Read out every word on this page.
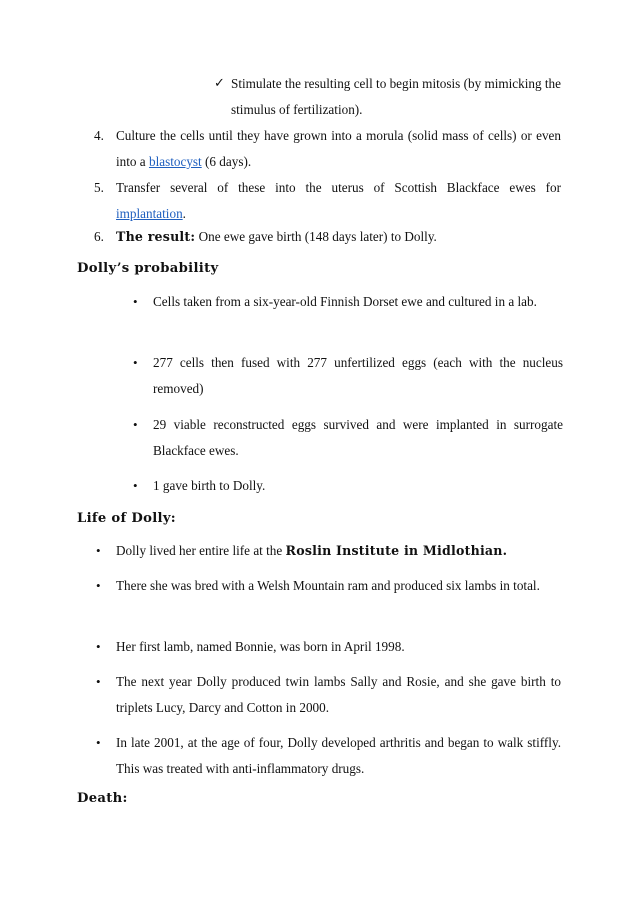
✓ Stimulate the resulting cell to begin mitosis (by mimicking the stimulus of fertilization).
4. Culture the cells until they have grown into a morula (solid mass of cells) or even into a blastocyst (6 days).
5. Transfer several of these into the uterus of Scottish Blackface ewes for implantation.
6. The result: One ewe gave birth (148 days later) to Dolly.
Dolly’s probability
• Cells taken from a six-year-old Finnish Dorset ewe and cultured in a lab.
• 277 cells then fused with 277 unfertilized eggs (each with the nucleus removed)
• 29 viable reconstructed eggs survived and were implanted in surrogate Blackface ewes.
• 1 gave birth to Dolly.
Life of Dolly:
• Dolly lived her entire life at the Roslin Institute in Midlothian.
• There she was bred with a Welsh Mountain ram and produced six lambs in total.
• Her first lamb, named Bonnie, was born in April 1998.
• The next year Dolly produced twin lambs Sally and Rosie, and she gave birth to triplets Lucy, Darcy and Cotton in 2000.
• In late 2001, at the age of four, Dolly developed arthritis and began to walk stiffly. This was treated with anti-inflammatory drugs.
Death:
